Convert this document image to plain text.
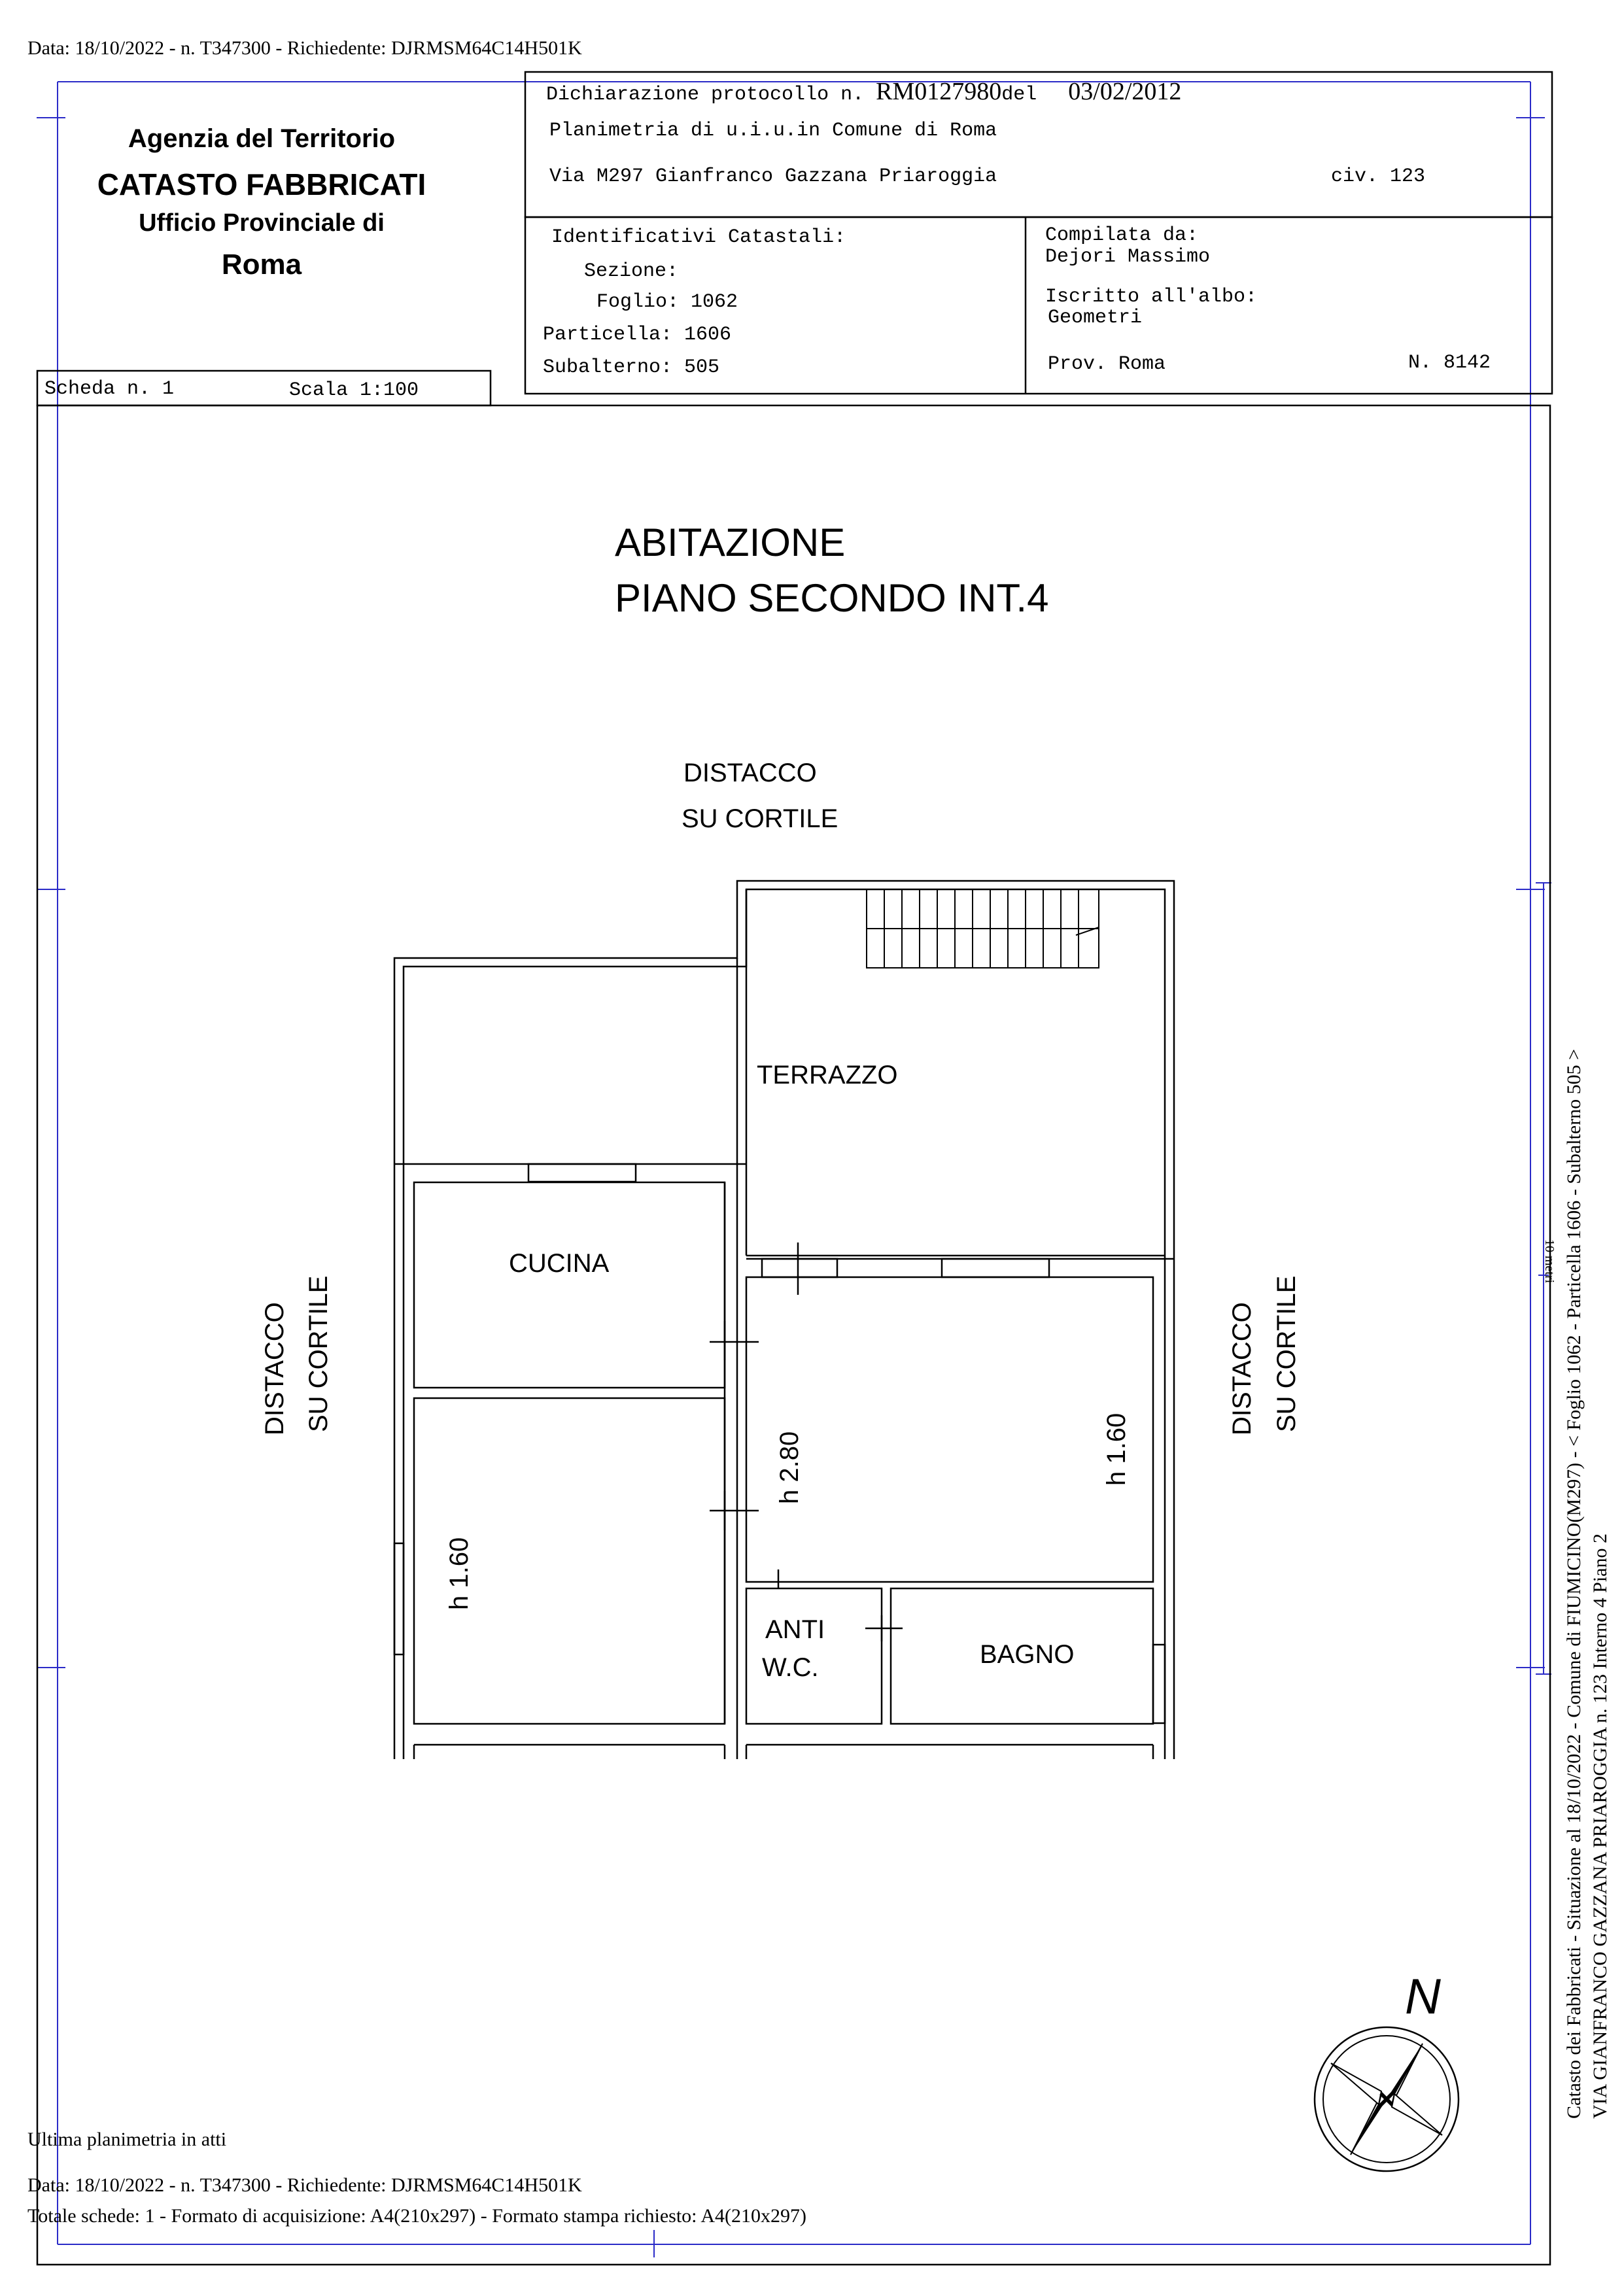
Data: 18/10/2022 - n. T347300 - Richiedente: DJRMSM64C14H501K
Agenzia del Territorio
CATASTO FABBRICATI
Ufficio Provinciale di
Roma
Dichiarazione protocollo n. RM0127980del 03/02/2012
Planimetria di u.i.u.in Comune di Roma
Via M297 Gianfranco Gazzana Priaroggia	civ. 123
Identificativi Catastali:
Sezione:
Foglio: 1062
Particella: 1606
Subalterno: 505
Compilata da:
Dejori Massimo
Iscritto all'albo:
Geometri
Prov. Roma	N. 8142
Scheda n. 1	Scala 1:100
ABITAZIONE
PIANO SECONDO INT.4
DISTACCO
SU CORTILE
DISTACCO SU CORTILE	DISTACCO SU CORTILE
TERRAZZO
CUCINA
h 2.80	h 1.60
h 1.60
ANTI
W.C.	BAGNO
N	Catasto dei Fabbricati - Situazione al 18/10/2022 - Comune di FIUMICINO(M297) - < Foglio 1062 - Particella 1606 - Subalterno 505 > VIA GIANFRANCO GAZZANA PRIAROGGIA n. 123 Interno 4 Piano 2
10 metri
Ultima planimetria in atti
Data: 18/10/2022 - n. T347300 - Richiedente: DJRMSM64C14H501K
Totale schede: 1 - Formato di acquisizione: A4(210x297) - Formato stampa richiesto: A4(210x297)
